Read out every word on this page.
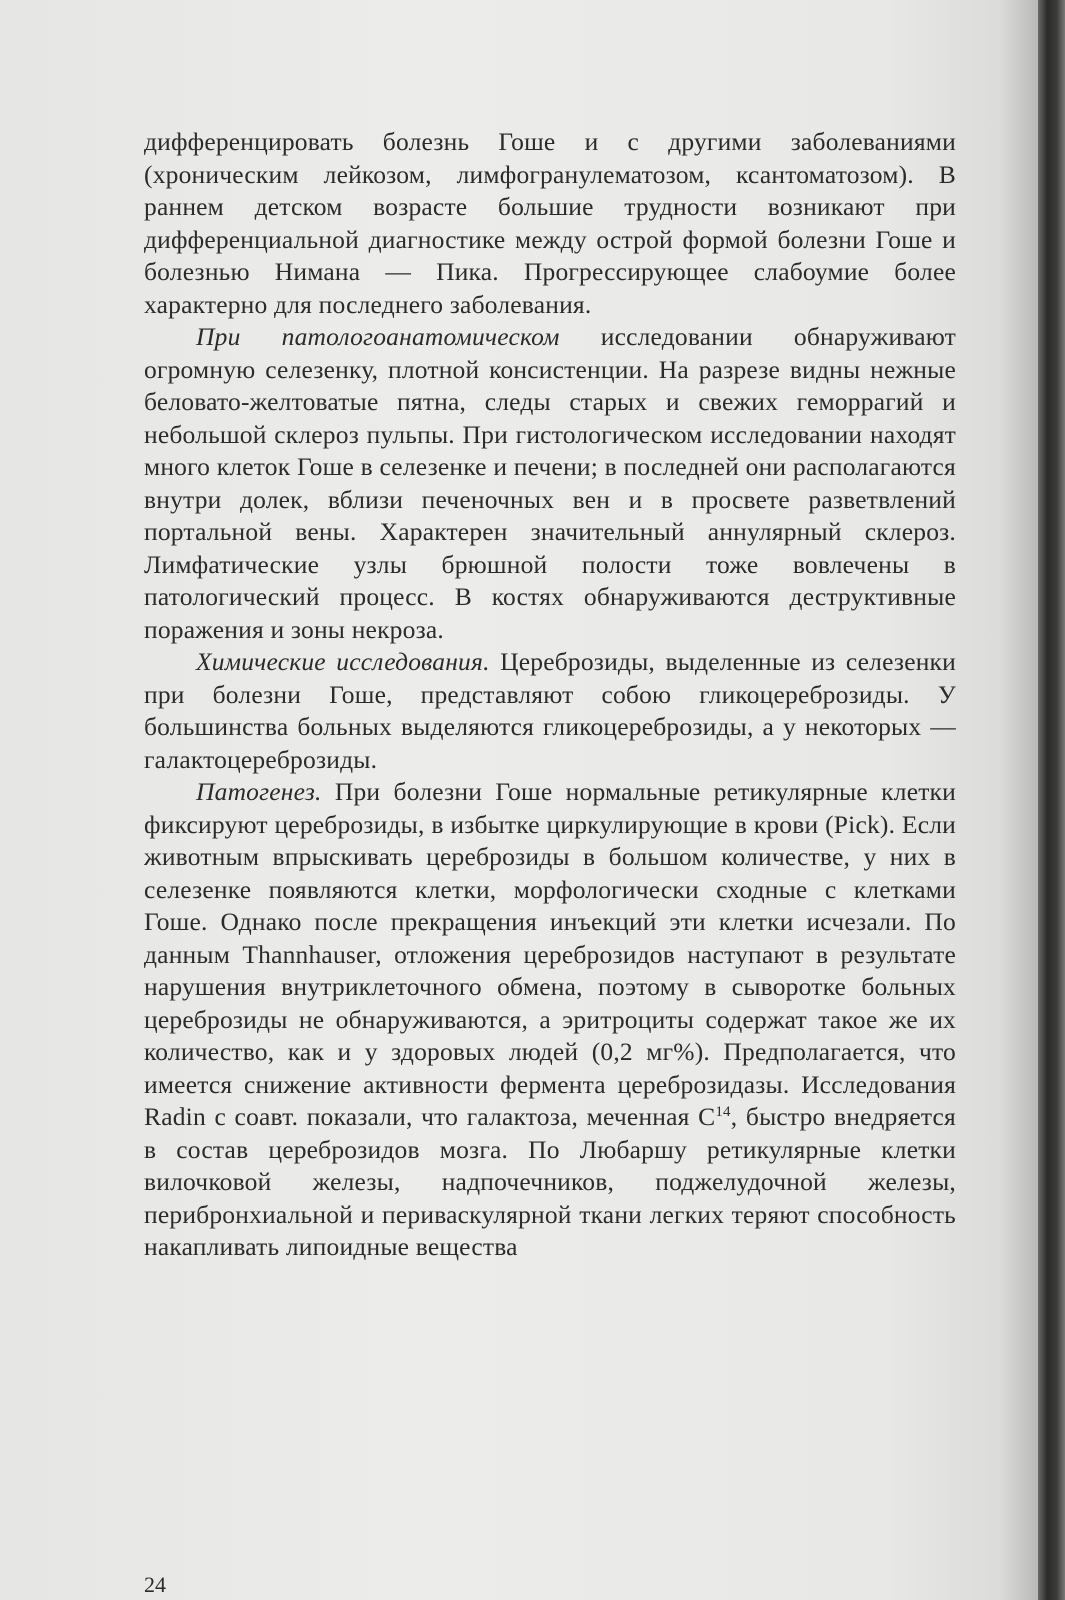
дифференцировать болезнь Гоше и с другими заболеваниями (хроническим лейкозом, лимфогранулематозом, ксантоматозом). В раннем детском возрасте большие трудности возникают при дифференциальной диагностике между острой формой болезни Гоше и болезнью Нимана — Пика. Прогрессирующее слабоумие более характерно для последнего заболевания.

При патологоанатомическом исследовании обнаруживают огромную селезенку, плотной консистенции. На разрезе видны нежные беловато-желтоватые пятна, следы старых и свежих геморрагий и небольшой склероз пульпы. При гистологическом исследовании находят много клеток Гоше в селезенке и печени; в последней они располагаются внутри долек, вблизи печеночных вен и в просвете разветвлений портальной вены. Характерен значительный аннулярный склероз. Лимфатические узлы брюшной полости тоже вовлечены в патологический процесс. В костях обнаруживаются деструктивные поражения и зоны некроза.

Химические исследования. Цереброзиды, выделенные из селезенки при болезни Гоше, представляют собою гликоцереброзиды. У большинства больных выделяются гликоцереброзиды, а у некоторых — галактоцереброзиды.

Патогенез. При болезни Гоше нормальные ретикулярные клетки фиксируют цереброзиды, в избытке циркулирующие в крови (Pick). Если животным впрыскивать цереброзиды в большом количестве, у них в селезенке появляются клетки, морфологически сходные с клетками Гоше. Однако после прекращения инъекций эти клетки исчезали. По данным Thannhauser, отложения цереброзидов наступают в результате нарушения внутриклеточного обмена, поэтому в сыворотке больных цереброзиды не обнаруживаются, а эритроциты содержат такое же их количество, как и у здоровых людей (0,2 мг%). Предполагается, что имеется снижение активности фермента цереброзидазы. Исследования Radin с соавт. показали, что галактоза, меченная $C^{14}$, быстро внедряется в состав цереброзидов мозга. По Любаршу ретикулярные клетки вилочковой железы, надпочечников, поджелудочной железы, перибронхиальной и периваскулярной ткани легких теряют способность накапливать липоидные вещества

24
